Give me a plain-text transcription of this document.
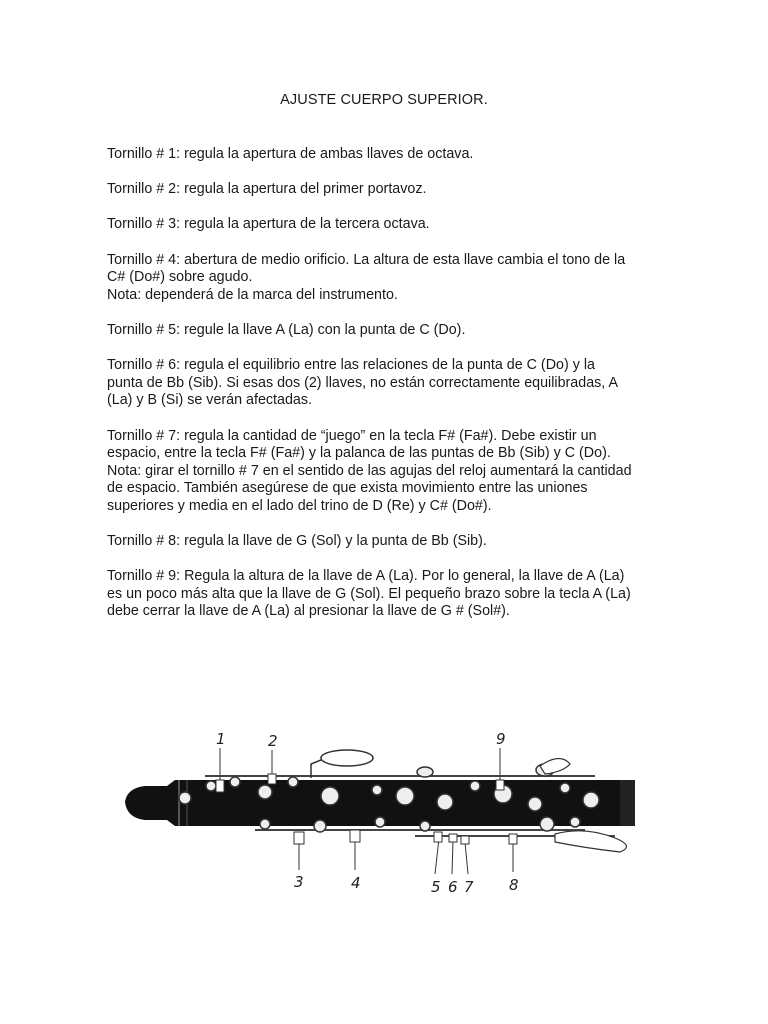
AJUSTE CUERPO SUPERIOR.

Tornillo # 1: regula la apertura de ambas llaves de octava.

Tornillo # 2: regula la apertura del primer portavoz.

Tornillo # 3: regula la apertura de la tercera octava.

Tornillo # 4: abertura de medio orificio. La altura de esta llave cambia el tono de la
C# (Do#) sobre agudo.
Nota: dependerá de la marca del instrumento.

Tornillo # 5: regule la llave A (La) con la punta de C (Do).

Tornillo # 6: regula el equilibrio entre las relaciones de la punta de C (Do) y la
punta de Bb (Sib). Si esas dos (2) llaves, no están correctamente equilibradas, A
(La) y B (Si) se verán afectadas.

Tornillo # 7: regula la cantidad de “juego” en la tecla F# (Fa#). Debe existir un
espacio, entre la tecla F# (Fa#) y la palanca de las puntas de Bb (Sib) y C (Do).
Nota: girar el tornillo # 7 en el sentido de las agujas del reloj aumentará la cantidad
de espacio. También asegúrese de que exista movimiento entre las uniones
superiores y media en el lado del trino de D (Re) y C# (Do#).

Tornillo # 8: regula la llave de G (Sol) y la punta de Bb (Sib).

Tornillo # 9: Regula la altura de la llave de A (La). Por lo general, la llave de A (La)
es un poco más alta que la llave de G (Sol). El pequeño brazo sobre la tecla A (La)
debe cerrar la llave de A (La) al presionar la llave de G # (Sol#).

1	2	9
3	4	5 6 7 8
